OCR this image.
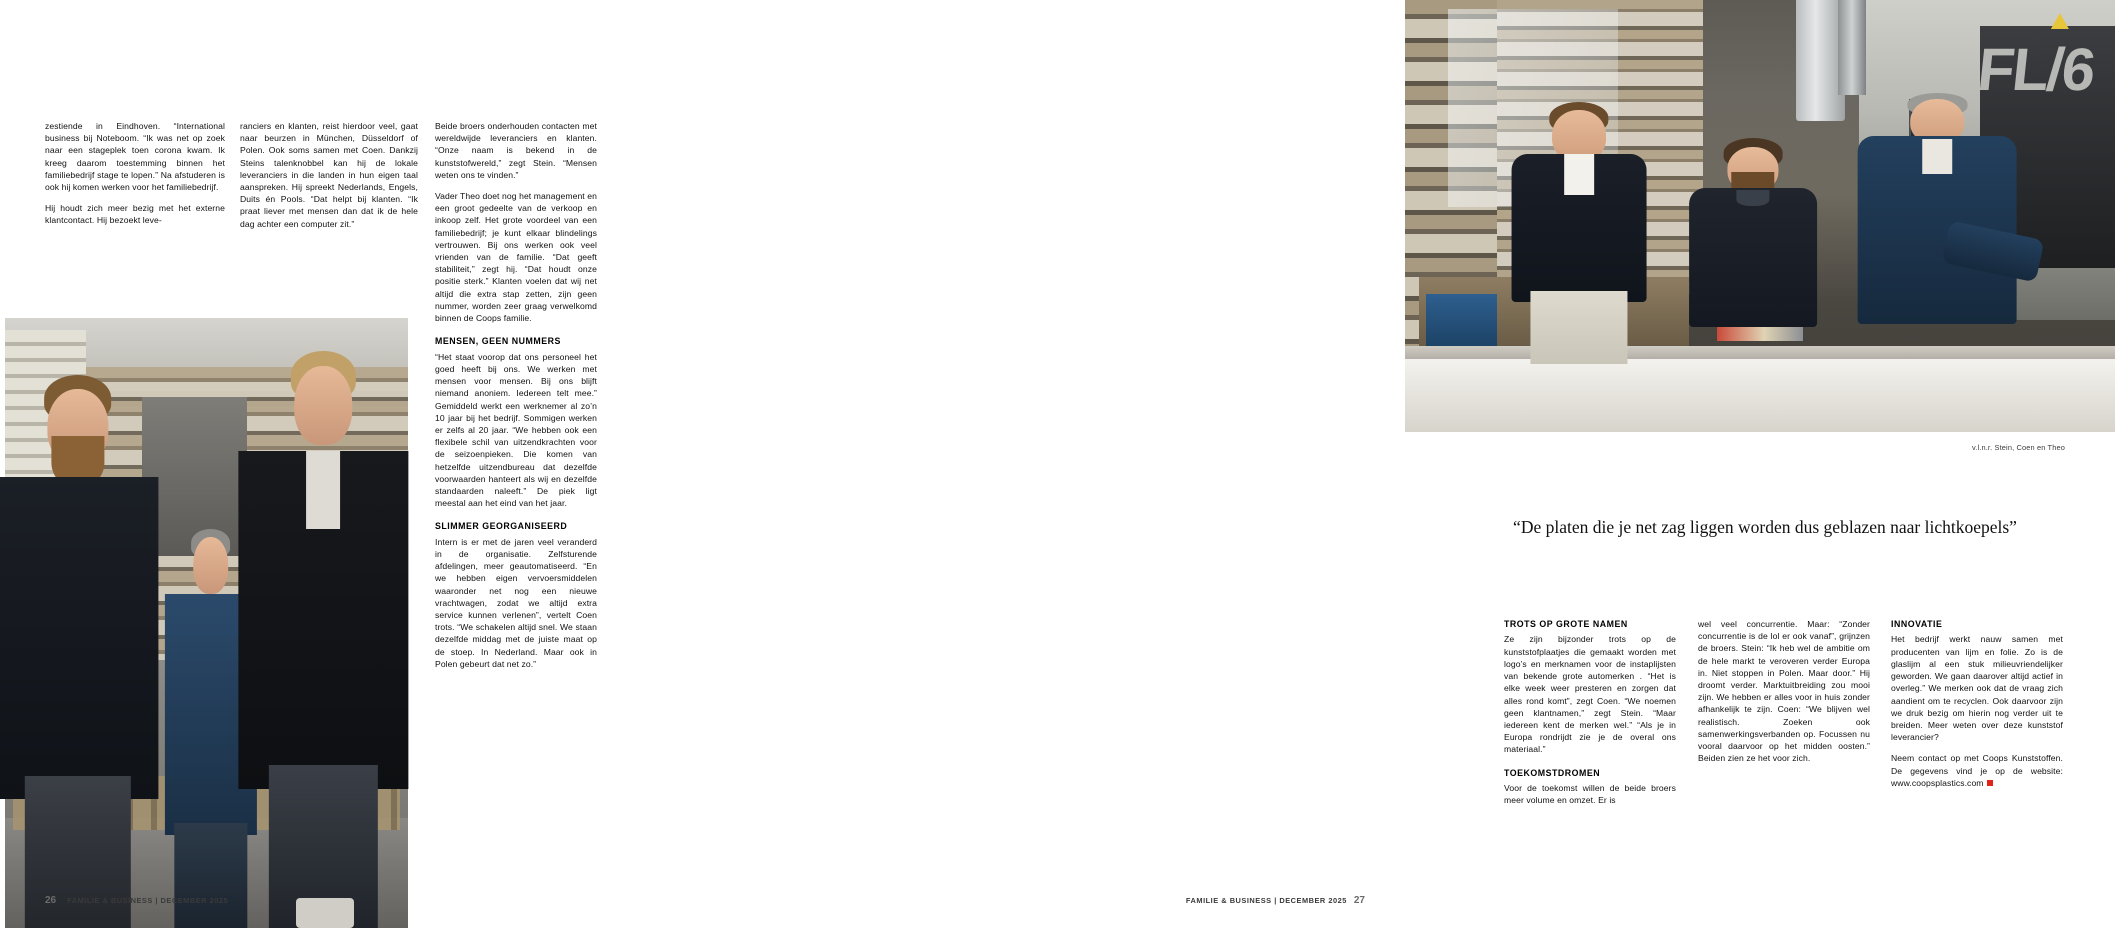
zestiende in Eindhoven. “International business bij Noteboom. “Ik was net op zoek naar een stageplek toen corona kwam. Ik kreeg daarom toestemming binnen het familiebedrijf stage te lopen.” Na afstuderen is ook hij komen werken voor het familiebedrijf.

Hij houdt zich meer bezig met het externe klantcontact. Hij bezoekt leve-

ranciers en klanten, reist hierdoor veel, gaat naar beurzen in München, Düsseldorf of Polen. Ook soms samen met Coen. Dankzij Steins talenknobbel kan hij de lokale leveranciers in die landen in hun eigen taal aanspreken. Hij spreekt Nederlands, Engels, Duits én Pools. “Dat helpt bij klanten. “Ik praat liever met mensen dan dat ik de hele dag achter een computer zit.”

Beide broers onderhouden contacten met wereldwijde leveranciers en klanten. “Onze naam is bekend in de kunststofwereld,” zegt Stein. “Mensen weten ons te vinden.”

Vader Theo doet nog het management en een groot gedeelte van de verkoop en inkoop zelf. Het grote voordeel van een familiebedrijf; je kunt elkaar blindelings vertrouwen. Bij ons werken ook veel vrienden van de familie. “Dat geeft stabiliteit,” zegt hij. “Dat houdt onze positie sterk.” Klanten voelen dat wij net altijd die extra stap zetten, zijn geen nummer, worden zeer graag verwelkomd binnen de Coops familie.

MENSEN, GEEN NUMMERS

“Het staat voorop dat ons personeel het goed heeft bij ons. We werken met mensen voor mensen. Bij ons blijft niemand anoniem. Iedereen telt mee.” Gemiddeld werkt een werknemer al zo’n 10 jaar bij het bedrijf. Sommigen werken er zelfs al 20 jaar. “We hebben ook een flexibele schil van uitzendkrachten voor de seizoenpieken. Die komen van hetzelfde uitzendbureau dat dezelfde voorwaarden hanteert als wij en dezelfde standaarden naleeft.” De piek ligt meestal aan het eind van het jaar.

SLIMMER GEORGANISEERD

Intern is er met de jaren veel veranderd in de organisatie. Zelfsturende afdelingen, meer geautomatiseerd. “En we hebben eigen vervoersmiddelen waaronder net nog een nieuwe vrachtwagen, zodat we altijd extra service kunnen verlenen”, vertelt Coen trots. “We schakelen altijd snel. We staan dezelfde middag met de juiste maat op de stoep. In Nederland. Maar ook in Polen gebeurt dat net zo.”

26 FAMILIE & BUSINESS | DECEMBER 2025
FL/6
v.l.n.r. Stein, Coen en Theo
“De platen die je net zag liggen worden dus geblazen naar lichtkoepels”
TROTS OP GROTE NAMEN

Ze zijn bijzonder trots op de kunststofplaatjes die gemaakt worden met logo’s en merknamen voor de instaplijsten van bekende grote automerken . “Het is elke week weer presteren en zorgen dat alles rond komt”, zegt Coen. “We noemen geen klantnamen,” zegt Stein. “Maar iedereen kent de merken wel.” “Als je in Europa rondrijdt zie je de overal ons materiaal.”

TOEKOMSTDROMEN

Voor de toekomst willen de beide broers meer volume en omzet. Er is

wel veel concurrentie. Maar: “Zonder concurrentie is de lol er ook vanaf”, grijnzen de broers. Stein: “Ik heb wel de ambitie om de hele markt te veroveren verder Europa in. Niet stoppen in Polen. Maar door.” Hij droomt verder. Marktuitbreiding zou mooi zijn. We hebben er alles voor in huis zonder afhankelijk te zijn. Coen: “We blijven wel realistisch. Zoeken ook samenwerkingsverbanden op. Focussen nu vooral daarvoor op het midden oosten.” Beiden zien ze het voor zich.

INNOVATIE

Het bedrijf werkt nauw samen met producenten van lijm en folie. Zo is de glaslijm al een stuk milieuvriendelijker geworden. We gaan daarover altijd actief in overleg.” We merken ook dat de vraag zich aandient om te recyclen. Ook daarvoor zijn we druk bezig om hierin nog verder uit te breiden. Meer weten over deze kunststof leverancier?

Neem contact op met Coops Kunststoffen. De gegevens vind je op de website: www.coopsplastics.com

FAMILIE & BUSINESS | DECEMBER 2025 27
